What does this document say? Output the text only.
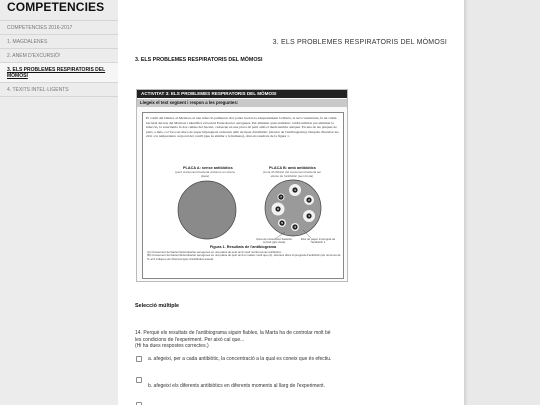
COMPETENCIES
COMPETENCIES 2016-2017
1. MAGDALENES
2. ANEM D'EXCURSIÓ!
3. ELS PROBLEMES RESPIRATORIS DEL MÒMOSI
4. TEXITS INTEL·LIGENTS
3. ELS PROBLEMES RESPIRATORIS DEL MÒMOSI
3. ELS PROBLEMES RESPIRATORIS DEL MÒMOSI
ACTIVITAT 3: ELS PROBLEMES RESPIRATORIS DEL MÒMOSI
Llegeix el text següent i respon a les preguntes:
El conill del Daniel, el Mòmosi, té una infecció pulmonar. Per poder tractar-la adequadament la Marta, la seva veterinària, fa un cultiu bacterià del nas del Mòmosi i identifica el bacteri Enterobacter aerogenes. Per eliminar quin antibiòtic caldrà utilitzar per eliminar la infecció, la veterinària fa dos cultius del bacteri, cadascun en una placa de petri amb el medi nutritiu adequat. En una de les plaques de petri, a més, col·loca set discs de paper impregnats cadascun amb un tipus d'antibiòtic (tècnica de l'antibiograma). Després d'incubar les 24 h a la temperatura corporal del conill (que és similar a la humana), obté els resultats de la figura 1.
PLACA A: sense antibiòtics
(però creixement bacterià uniforme en tota la placa)
PLACA B: amb antibiòtics
(zona d'inhibició del creixement bacterià per efecte de l'antibiòtic (sem bruta)
1
2
3
4
5
6
7
Zona de creixement bacterià normal (gris clara)
Disc de paper impregnat de l'antibiòtic 1
Figura 1. Resultats de l'antibiograma
(A) Creixement del bacteri Enterobacter aerogenes en una placa de petri amb medi nutritiu sense antibiòtics.
(B) Creixement del bacteri Enterobacter aerogenes en una placa de petri amb el mateix medi que (A), diversos discs impregnats d'antibiòtic (els números de l'1 al 6 indiquen els diversos tipus d'antibiòtics tested).
Selecció múltiple
14. Perquè els resultats de l'antibiograma siguin fiables, la Marta ha de controlar molt bé
les condicions de l'experiment. Per això cal que...
(Hi ha dues respostes correctes.)
a. afegeixi, per a cada antibiòtic, la concentració a la qual es coneix que és efectiu.
b. afegeixi els diferents antibiòtics en diferents moments al llarg de l'experiment.
